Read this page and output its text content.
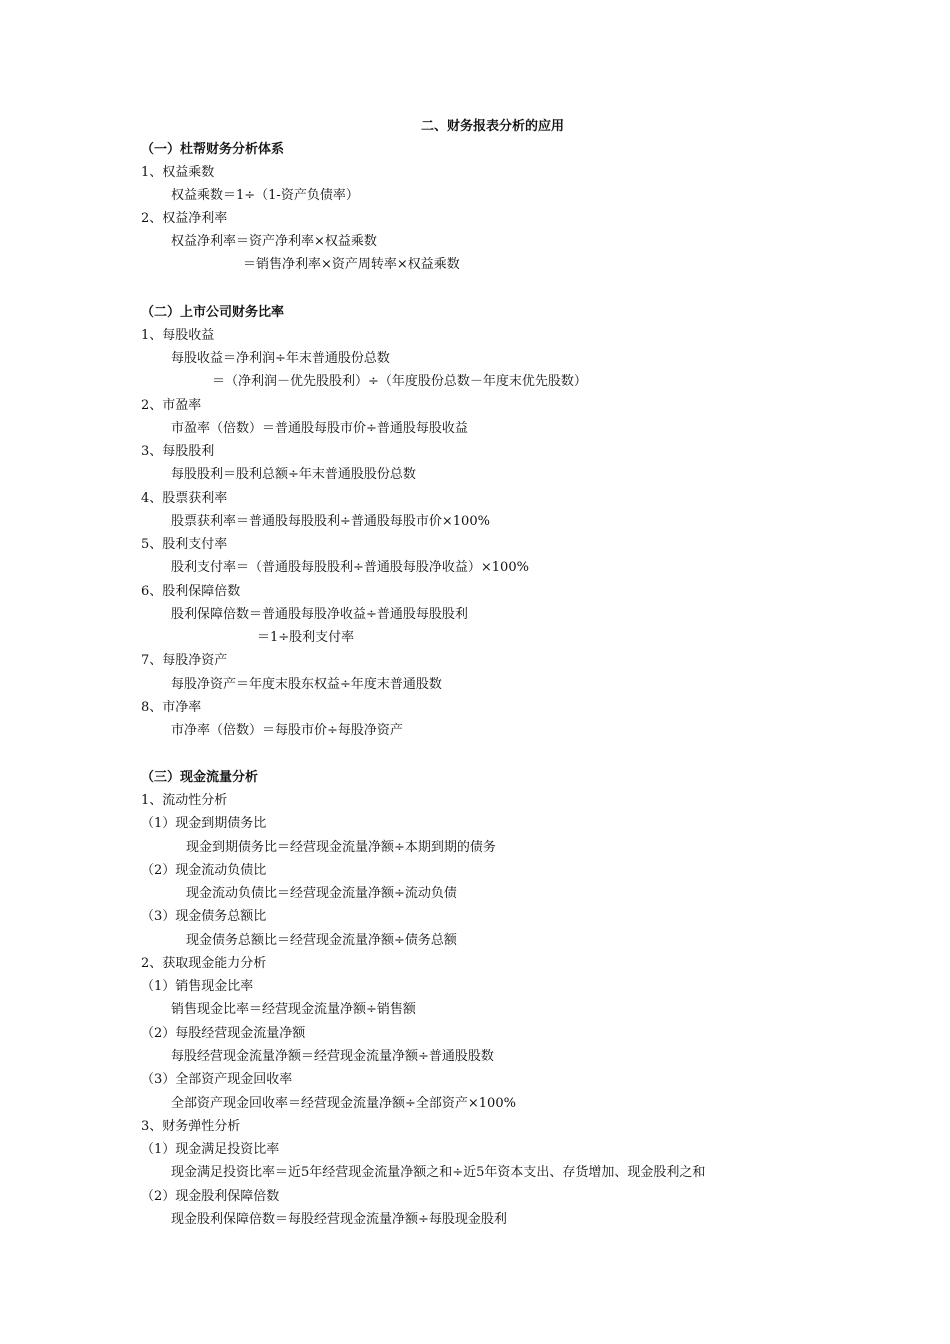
二、财务报表分析的应用
（一）杜帮财务分析体系
1、权益乘数
权益乘数＝1÷（1-资产负债率）
2、权益净利率
权益净利率＝资产净利率×权益乘数
＝销售净利率×资产周转率×权益乘数
（二）上市公司财务比率
1、每股收益
每股收益＝净利润÷年末普通股份总数
＝（净利润－优先股股利）÷（年度股份总数－年度末优先股数）
2、市盈率
市盈率（倍数）＝普通股每股市价÷普通股每股收益
3、每股股利
每股股利＝股利总额÷年末普通股股份总数
4、股票获利率
股票获利率＝普通股每股股利÷普通股每股市价×100%
5、股利支付率
股利支付率＝（普通股每股股利÷普通股每股净收益）×100%
6、股利保障倍数
股利保障倍数＝普通股每股净收益÷普通股每股股利
＝1÷股利支付率
7、每股净资产
每股净资产＝年度末股东权益÷年度末普通股数
8、市净率
市净率（倍数）＝每股市价÷每股净资产
（三）现金流量分析
1、流动性分析
（1）现金到期债务比
现金到期债务比＝经营现金流量净额÷本期到期的债务
（2）现金流动负债比
现金流动负债比＝经营现金流量净额÷流动负债
（3）现金债务总额比
现金债务总额比＝经营现金流量净额÷债务总额
2、获取现金能力分析
（1）销售现金比率
销售现金比率＝经营现金流量净额÷销售额
（2）每股经营现金流量净额
每股经营现金流量净额＝经营现金流量净额÷普通股股数
（3）全部资产现金回收率
全部资产现金回收率＝经营现金流量净额÷全部资产×100%
3、财务弹性分析
（1）现金满足投资比率
现金满足投资比率＝近5年经营现金流量净额之和÷近5年资本支出、存货增加、现金股利之和
（2）现金股利保障倍数
现金股利保障倍数＝每股经营现金流量净额÷每股现金股利
